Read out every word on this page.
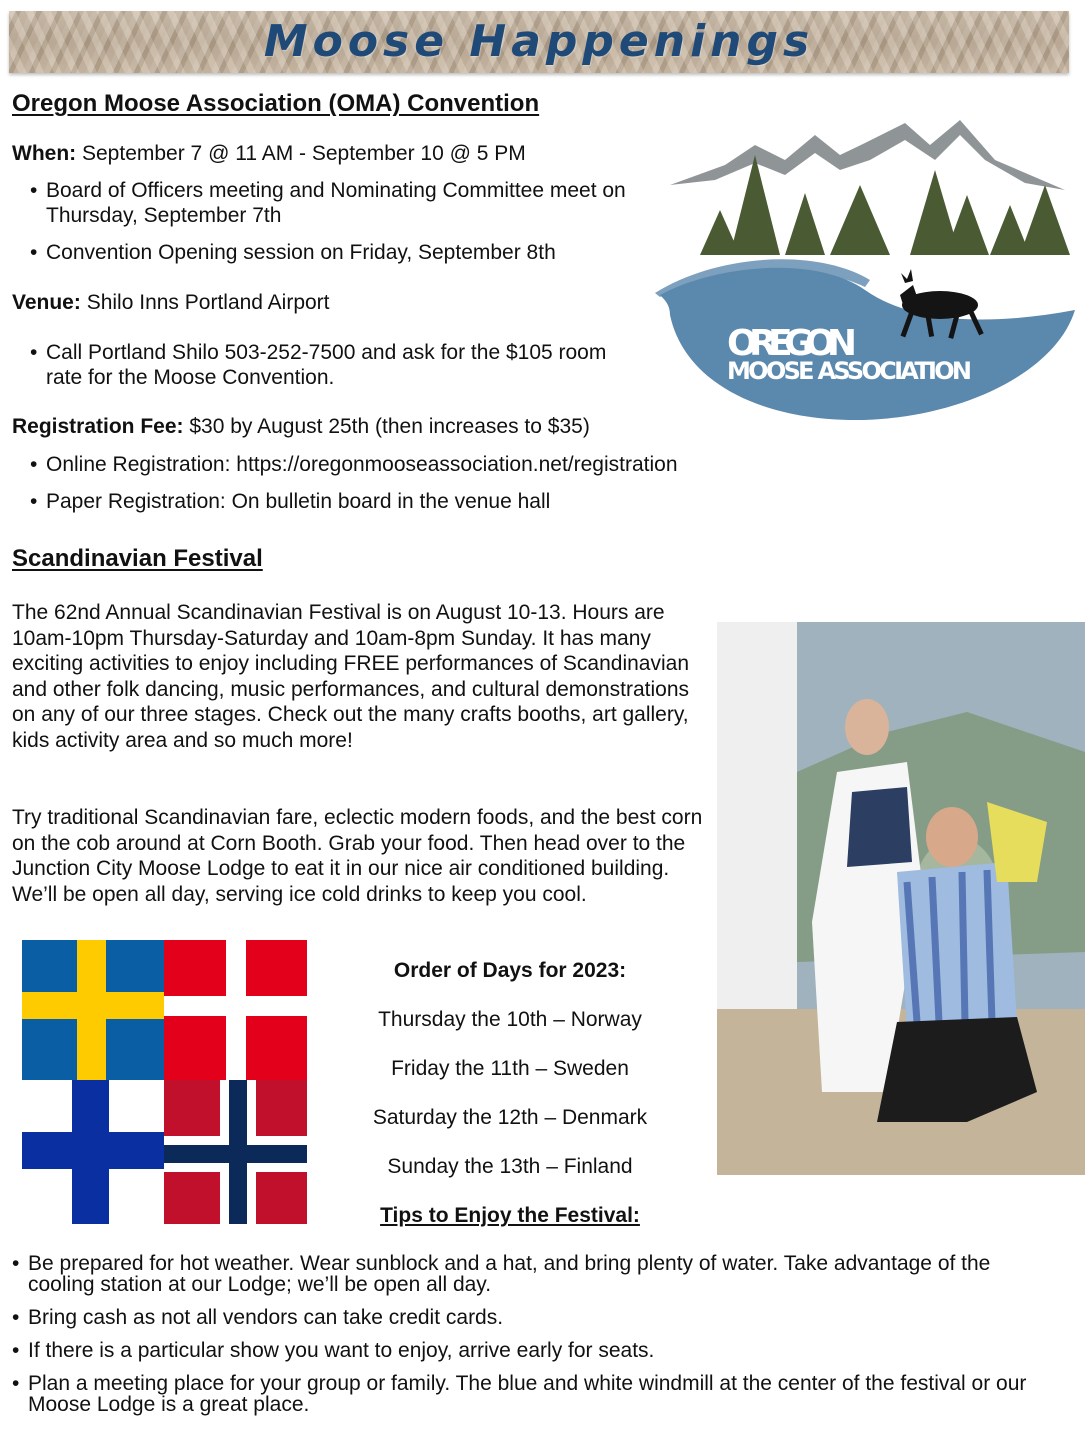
Moose Happenings
Oregon Moose Association (OMA) Convention
When: September 7 @ 11 AM - September 10 @ 5 PM
• Board of Officers meeting and Nominating Committee meet on Thursday, September 7th
• Convention Opening session on Friday, September 8th
Venue: Shilo Inns Portland Airport
• Call Portland Shilo 503-252-7500 and ask for the $105 room rate for the Moose Convention.
Registration Fee: $30 by August 25th (then increases to $35)
• Online Registration: https://oregonmooseassociation.net/registration
• Paper Registration: On bulletin board in the venue hall
OREGON
MOOSE ASSOCIATION
Scandinavian Festival
The 62nd Annual Scandinavian Festival is on August 10-13. Hours are 10am-10pm Thursday-Saturday and 10am-8pm Sunday. It has many exciting activities to enjoy including FREE performances of Scandinavian and other folk dancing, music performances, and cultural demonstrations on any of our three stages. Check out the many crafts booths, art gallery, kids activity area and so much more!
Try traditional Scandinavian fare, eclectic modern foods, and the best corn on the cob around at Corn Booth. Grab your food. Then head over to the Junction City Moose Lodge to eat it in our nice air conditioned building. We’ll be open all day, serving ice cold drinks to keep you cool.
Order of Days for 2023:
Thursday the 10th – Norway
Friday the 11th – Sweden
Saturday the 12th – Denmark
Sunday the 13th – Finland
Tips to Enjoy the Festival:
• Be prepared for hot weather. Wear sunblock and a hat, and bring plenty of water. Take advantage of the cooling station at our Lodge; we’ll be open all day.
• Bring cash as not all vendors can take credit cards.
• If there is a particular show you want to enjoy, arrive early for seats.
• Plan a meeting place for your group or family. The blue and white windmill at the center of the festival or our Moose Lodge is a great place.
